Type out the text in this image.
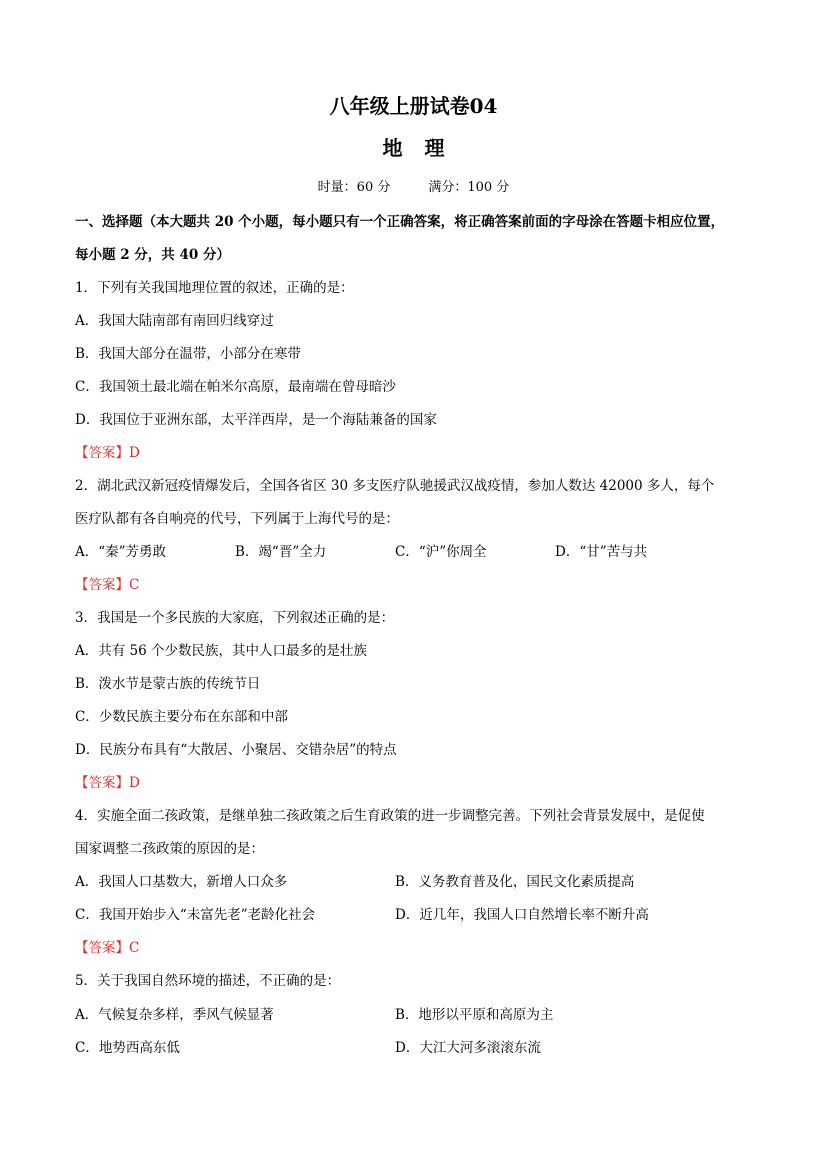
八年级上册试卷04
地理
时量：60 分	满分：100 分
一、选择题（本大题共 20 个小题，每小题只有一个正确答案，将正确答案前面的字母涂在答题卡相应位置，
每小题 2 分，共 40 分）
1．下列有关我国地理位置的叙述，正确的是：
A．我国大陆南部有南回归线穿过
B．我国大部分在温带，小部分在寒带
C．我国领土最北端在帕米尔高原，最南端在曾母暗沙
D．我国位于亚洲东部，太平洋西岸，是一个海陆兼备的国家
【答案】D
2．湖北武汉新冠疫情爆发后，全国各省区 30 多支医疗队驰援武汉战疫情，参加人数达 42000 多人，每个
医疗队都有各自响亮的代号，下列属于上海代号的是：
A．“秦”芳勇敢	B．竭“晋”全力	C．“沪”你周全	D．“甘”苦与共
【答案】C
3．我国是一个多民族的大家庭，下列叙述正确的是：
A．共有 56 个少数民族，其中人口最多的是壮族
B．泼水节是蒙古族的传统节日
C．少数民族主要分布在东部和中部
D．民族分布具有“大散居、小聚居、交错杂居”的特点
【答案】D
4．实施全面二孩政策，是继单独二孩政策之后生育政策的进一步调整完善。下列社会背景发展中，是促使
国家调整二孩政策的原因的是：
A．我国人口基数大，新增人口众多	B．义务教育普及化，国民文化素质提高
C．我国开始步入“未富先老”老龄化社会	D．近几年，我国人口自然增长率不断升高
【答案】C
5．关于我国自然环境的描述，不正确的是：
A．气候复杂多样，季风气候显著	B．地形以平原和高原为主
C．地势西高东低	D．大江大河多滚滚东流
